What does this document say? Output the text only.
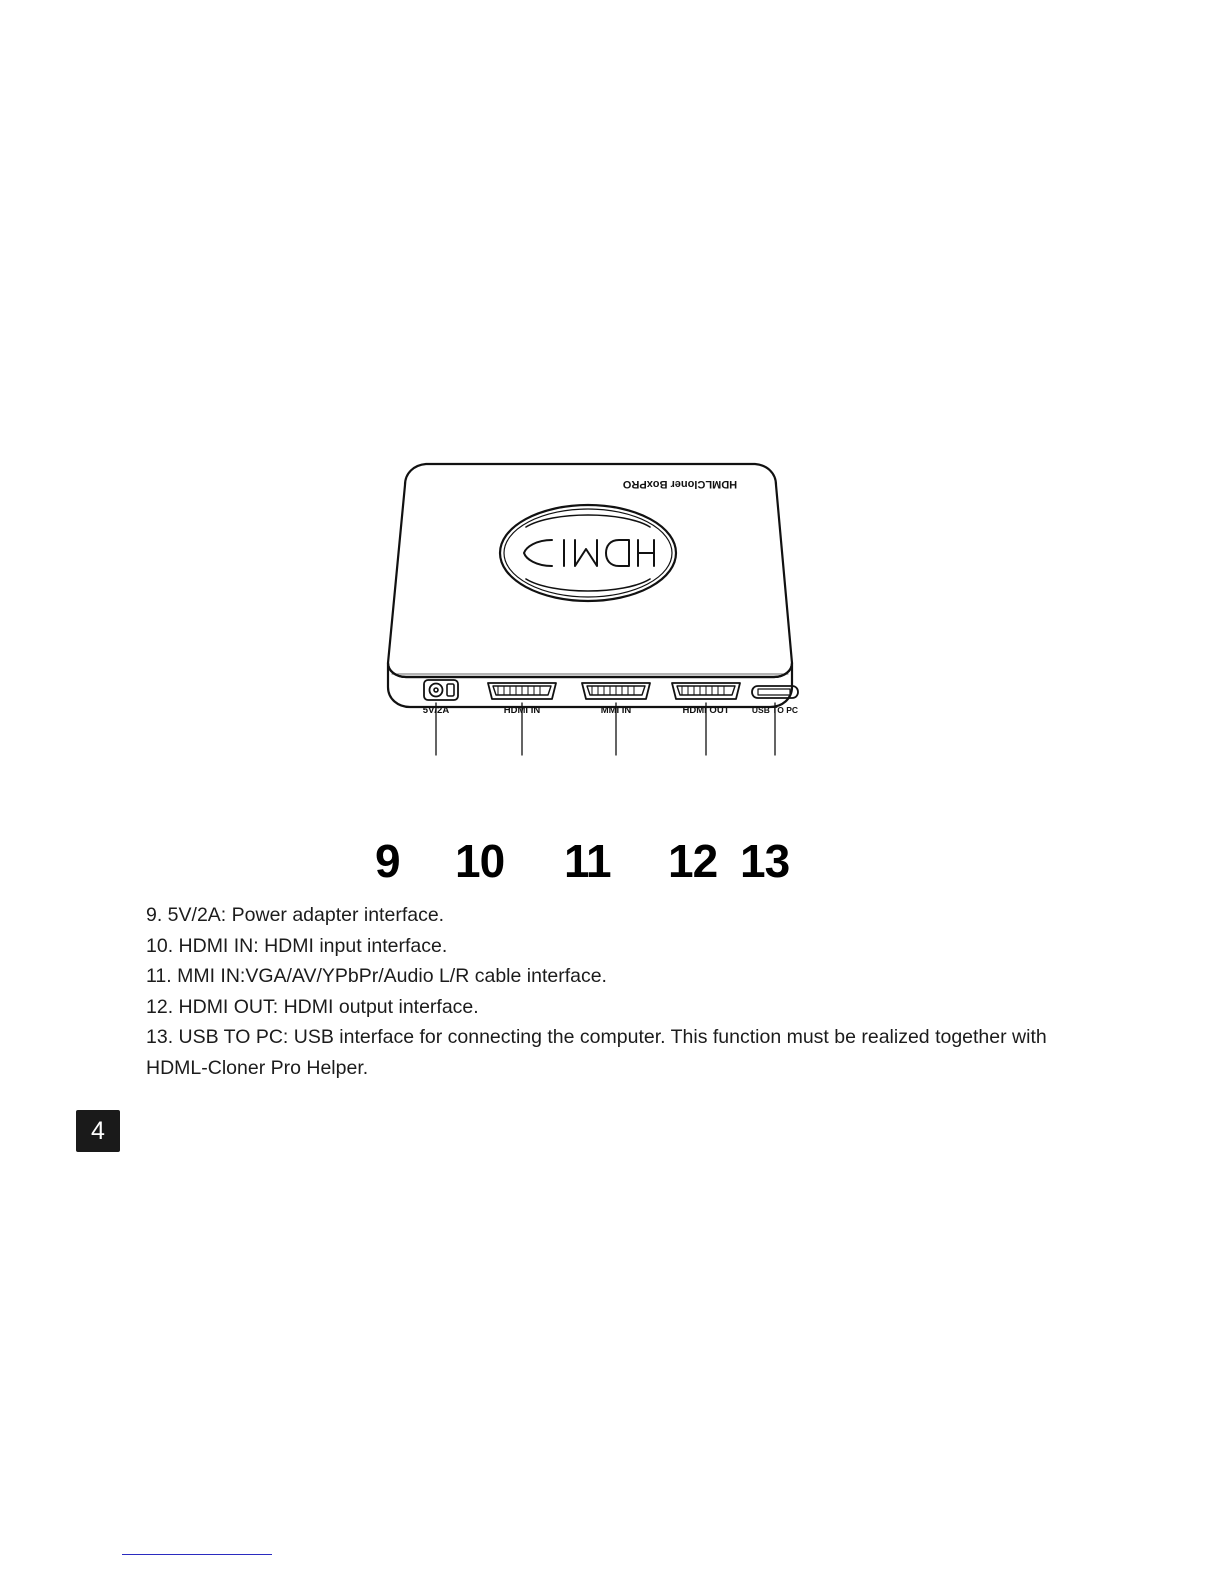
5V/2A	HDMI IN	MMI IN	HDMI OUT	USB TO PC
HDMLCloner BoxPRO
9 10 11 12 13
9. 5V/2A: Power adapter interface.
10. HDMI IN: HDMI input interface.
11. MMI IN:VGA/AV/YPbPr/Audio L/R cable interface.
12. HDMI OUT: HDMI output interface.
13. USB TO PC: USB interface for connecting the computer. This function must be realized together with
HDML-Cloner Pro Helper.
4
